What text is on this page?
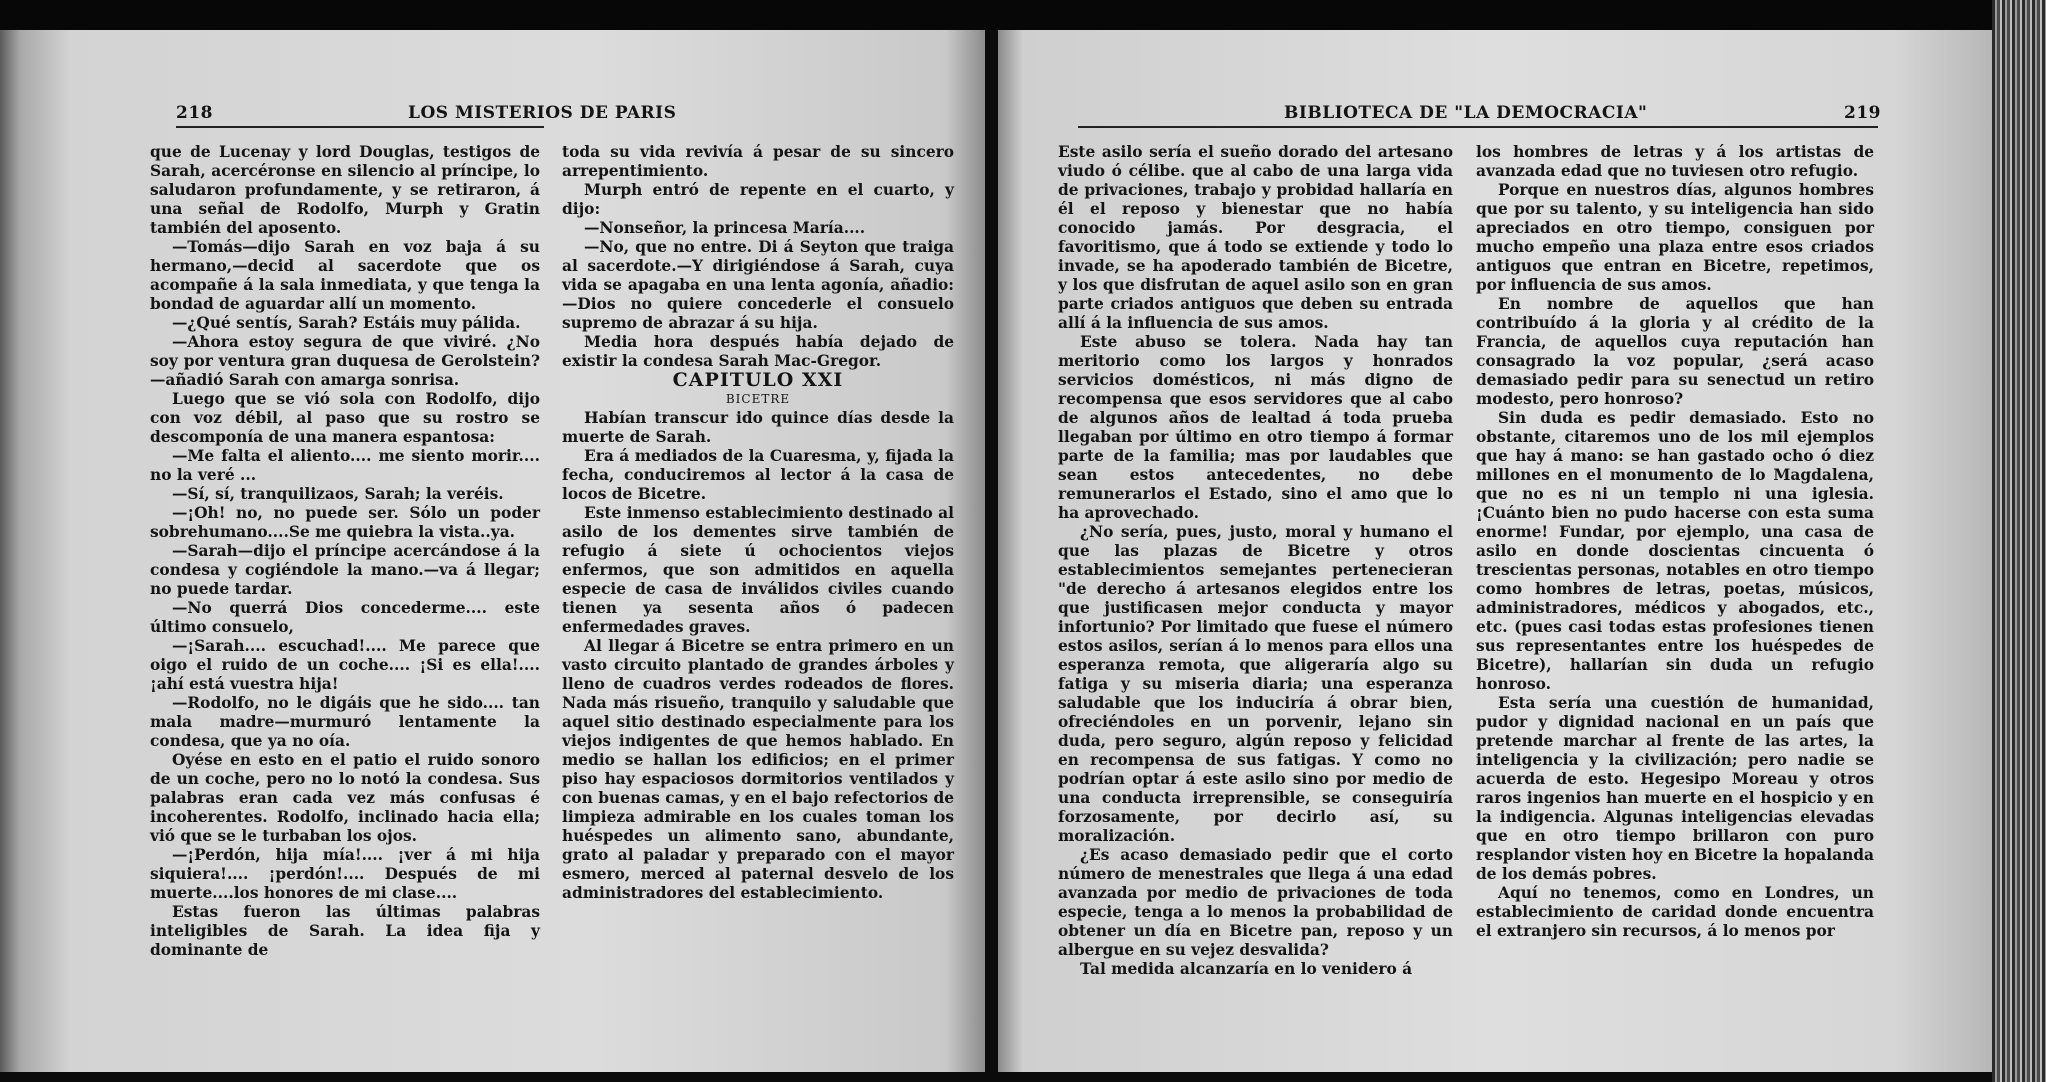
218	LOS MISTERIOS DE PARIS

que de Lucenay y lord Douglas, testigos de Sarah, acercéronse en silencio al príncipe, lo saludaron profundamente, y se retiraron, á una señal de Rodolfo, Murph y Gratin también del aposento.

—Tomás—dijo Sarah en voz baja á su hermano,—decid al sacerdote que os acompañe á la sala inmediata, y que tenga la bondad de aguardar allí un momento.

—¿Qué sentís, Sarah? Estáis muy pálida.

—Ahora estoy segura de que viviré. ¿No soy por ventura gran duquesa de Gerolstein? —añadió Sarah con amarga sonrisa.

Luego que se vió sola con Rodolfo, dijo con voz débil, al paso que su rostro se descomponía de una manera espantosa:

—Me falta el aliento.... me siento morir.... no la veré ...

—Sí, sí, tranquilizaos, Sarah; la veréis.

—¡Oh! no, no puede ser. Sólo un poder sobrehumano....Se me quiebra la vista..ya.

—Sarah—dijo el príncipe acercándose á la condesa y cogiéndole la mano.—va á llegar; no puede tardar.

—No querrá Dios concederme.... este último consuelo,

—¡Sarah.... escuchad!.... Me parece que oigo el ruido de un coche.... ¡Si es ella!.... ¡ahí está vuestra hija!

—Rodolfo, no le digáis que he sido.... tan mala madre—murmuró lentamente la condesa, que ya no oía.

Oyése en esto en el patio el ruido sonoro de un coche, pero no lo notó la condesa. Sus palabras eran cada vez más confusas é incoherentes. Rodolfo, inclinado hacia ella; vió que se le turbaban los ojos.

—¡Perdón, hija mía!.... ¡ver á mi hija siquiera!.... ¡perdón!.... Después de mi muerte....los honores de mi clase....

Estas fueron las últimas palabras inteligibles de Sarah. La idea fija y dominante de

toda su vida revivía á pesar de su sincero arrepentimiento.

Murph entró de repente en el cuarto, y dijo:

—Nonseñor, la princesa María....

—No, que no entre. Di á Seyton que traiga al sacerdote.—Y dirigiéndose á Sarah, cuya vida se apagaba en una lenta agonía, añadio:—Dios no quiere concederle el consuelo supremo de abrazar á su hija.

Media hora después había dejado de existir la condesa Sarah Mac-Gregor.

CAPITULO XXI

BICETRE

Habían transcur ido quince días desde la muerte de Sarah.

Era á mediados de la Cuaresma, y, fijada la fecha, conduciremos al lector á la casa de locos de Bicetre.

Este inmenso establecimiento destinado al asilo de los dementes sirve también de refugio á siete ú ochocientos viejos enfermos, que son admitidos en aquella especie de casa de inválidos civiles cuando tienen ya sesenta años ó padecen enfermedades graves.

Al llegar á Bicetre se entra primero en un vasto circuito plantado de grandes árboles y lleno de cuadros verdes rodeados de flores. Nada más risueño, tranquilo y saludable que aquel sitio destinado especialmente para los viejos indigentes de que hemos hablado. En medio se hallan los edificios; en el primer piso hay espaciosos dormitorios ventilados y con buenas camas, y en el bajo refectorios de limpieza admirable en los cuales toman los huéspedes un alimento sano, abundante, grato al paladar y preparado con el mayor esmero, merced al paternal desvelo de los administradores del establecimiento.

BIBLIOTECA DE "LA DEMOCRACIA"	219

Este asilo sería el sueño dorado del artesano viudo ó célibe. que al cabo de una larga vida de privaciones, trabajo y probidad hallaría en él el reposo y bienestar que no había conocido jamás. Por desgracia, el favoritismo, que á todo se extiende y todo lo invade, se ha apoderado también de Bicetre, y los que disfrutan de aquel asilo son en gran parte criados antiguos que deben su entrada allí á la influencia de sus amos.

Este abuso se tolera. Nada hay tan meritorio como los largos y honrados servicios domésticos, ni más digno de recompensa que esos servidores que al cabo de algunos años de lealtad á toda prueba llegaban por último en otro tiempo á formar parte de la familia; mas por laudables que sean estos antecedentes, no debe remunerarlos el Estado, sino el amo que lo ha aprovechado.

¿No sería, pues, justo, moral y humano el que las plazas de Bicetre y otros establecimientos semejantes pertenecieran "de derecho á artesanos elegidos entre los que justificasen mejor conducta y mayor infortunio? Por limitado que fuese el número estos asilos, serían á lo menos para ellos una esperanza remota, que aligeraría algo su fatiga y su miseria diaria; una esperanza saludable que los induciría á obrar bien, ofreciéndoles en un porvenir, lejano sin duda, pero seguro, algún reposo y felicidad en recompensa de sus fatigas. Y como no podrían optar á este asilo sino por medio de una conducta irreprensible, se conseguiría forzosamente, por decirlo así, su moralización.

¿Es acaso demasiado pedir que el corto número de menestrales que llega á una edad avanzada por medio de privaciones de toda especie, tenga a lo menos la probabilidad de obtener un día en Bicetre pan, reposo y un albergue en su vejez desvalida?

Tal medida alcanzaría en lo venidero á

los hombres de letras y á los artistas de avanzada edad que no tuviesen otro refugio.

Porque en nuestros días, algunos hombres que por su talento, y su inteligencia han sido apreciados en otro tiempo, consiguen por mucho empeño una plaza entre esos criados antiguos que entran en Bicetre, repetimos, por influencia de sus amos.

En nombre de aquellos que han contribuído á la gloria y al crédito de la Francia, de aquellos cuya reputación han consagrado la voz popular, ¿será acaso demasiado pedir para su senectud un retiro modesto, pero honroso?

Sin duda es pedir demasiado. Esto no obstante, citaremos uno de los mil ejemplos que hay á mano: se han gastado ocho ó diez millones en el monumento de lo Magdalena, que no es ni un templo ni una iglesia. ¡Cuánto bien no pudo hacerse con esta suma enorme! Fundar, por ejemplo, una casa de asilo en donde doscientas cincuenta ó trescientas personas, notables en otro tiempo como hombres de letras, poetas, músicos, administradores, médicos y abogados, etc., etc. (pues casi todas estas profesiones tienen sus representantes entre los huéspedes de Bicetre), hallarían sin duda un refugio honroso.

Esta sería una cuestión de humanidad, pudor y dignidad nacional en un país que pretende marchar al frente de las artes, la inteligencia y la civilización; pero nadie se acuerda de esto. Hegesipo Moreau y otros raros ingenios han muerte en el hospicio y en la indigencia. Algunas inteligencias elevadas que en otro tiempo brillaron con puro resplandor visten hoy en Bicetre la hopalanda de los demás pobres.

Aquí no tenemos, como en Londres, un establecimiento de caridad donde encuentra el extranjero sin recursos, á lo menos por
